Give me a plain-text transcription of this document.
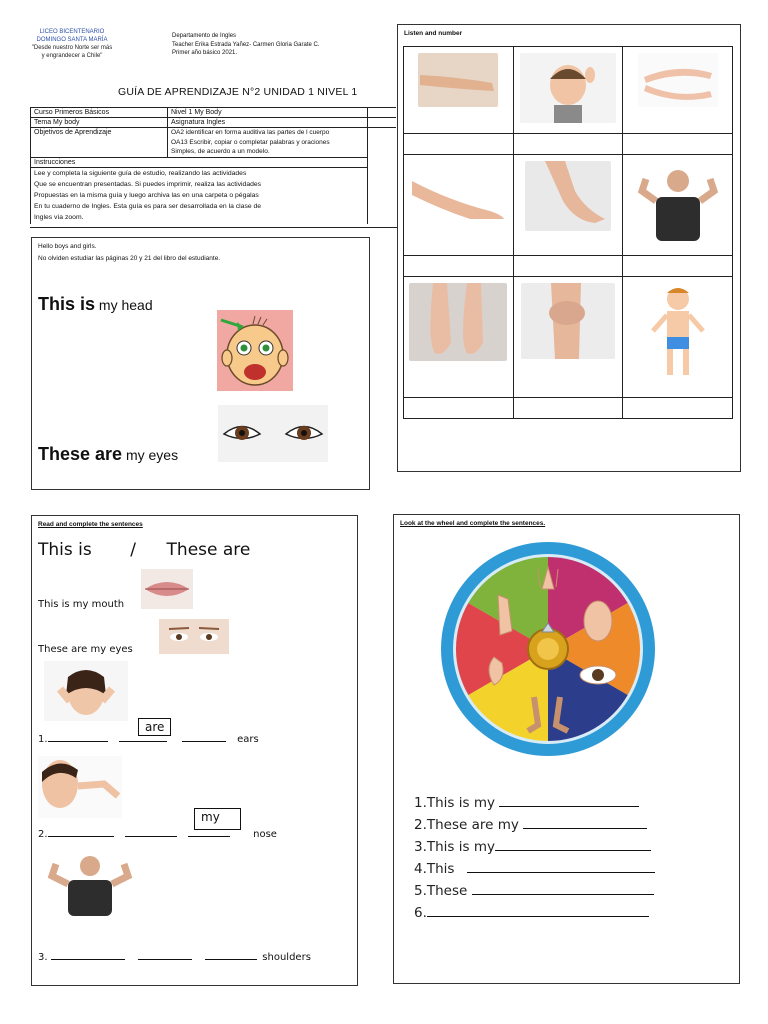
LICEO BICENTENARIO
DOMINGO SANTA MARÍA
"Desde nuestro Norte ser más
y engrandecer a Chile"
Departamento de Ingles
Teacher Erika Estrada Yañez- Carmen Gloria Garate C.
Primer año básico 2021.
GUÍA DE APRENDIZAJE N°2 UNIDAD 1 NIVEL 1
Curso Primeros Básicos	Nivel 1 My Body
Tema My body	Asignatura Ingles
Objetivos de Aprendizaje	OA2 identificar en forma auditiva las partes de l cuerpo
OA13 Escribir, copiar o completar palabras y oraciones
Simples, de acuerdo a un modelo.

Instrucciones	

Lee y completa la siguiente guía de estudio, realizando las actividades
Que se encuentran presentadas. Si puedes imprimir, realiza las actividades
Propuestas en la misma guía y luego archiva las en una carpeta o pégalas
En tu cuaderno de Ingles. Esta guía es para ser desarrollada en la clase de
Ingles vía zoom.	
Hello boys and girls.
No olviden estudiar las páginas 20 y 21 del libro del estudiante.
This is my head
These are my eyes
Listen and number

Read and complete the sentences
This is / These are
This is my mouth
These are my eyes
1.	ears
are
2.	nose
my
3.	shoulders
Look at the wheel and complete the sentences.
1.This is my
2.These are my
3.This is my
4.This
5.These
6.
